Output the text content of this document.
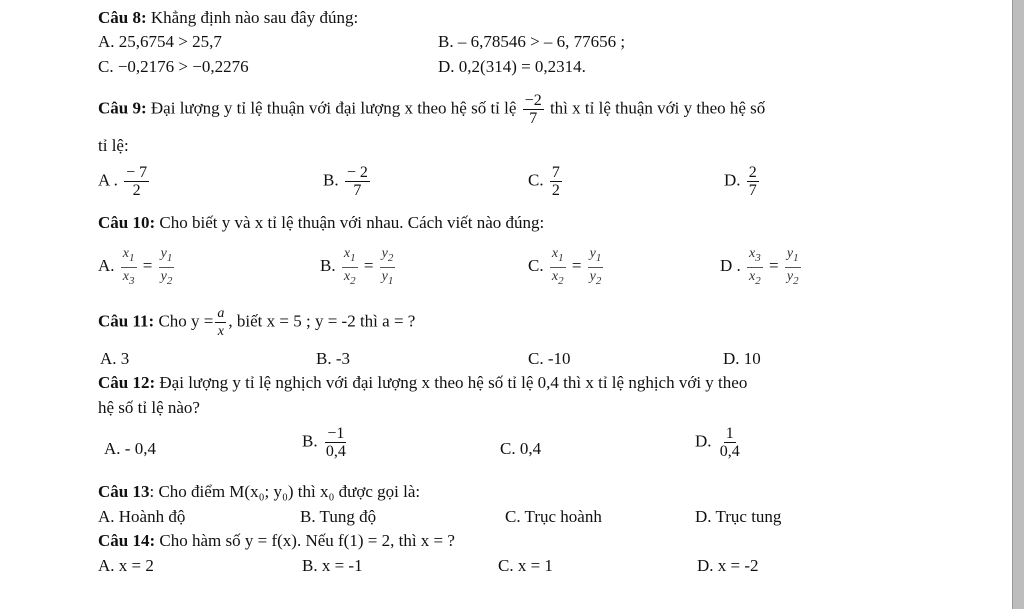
Câu 8: Khẳng định nào sau đây đúng:
A. 25,6754 > 25,7	B. – 6,78546 > – 6, 77656 ;
C. −0,2176 > −0,2276	D. 0,2(314) = 0,2314.
Câu 9: Đại lượng y tỉ lệ thuận với đại lượng x theo hệ số tỉ lệ $\frac{-2}{7}$ thì x tỉ lệ thuận với y theo hệ số
tỉ lệ:
A . $\frac{- 7}{2}$	B. $\frac{- 2}{7}$	C. $\frac{7}{2}$	D. $\frac{2}{7}$
Câu 10: Cho biết y và x tỉ lệ thuận với nhau. Cách viết nào đúng:
A. $\frac{x_1}{x_3} = \frac{y_1}{y_2}$	B. $\frac{x_1}{x_2} = \frac{y_2}{y_1}$	C. $\frac{x_1}{x_2} = \frac{y_1}{y_2}$	D . $\frac{x_3}{x_2} = \frac{y_1}{y_2}$
Câu 11: Cho $y = \frac{a}{x}$ , biết x = 5 ; y = -2 thì a = ?
A. 3	B. -3	C. -10	D. 10
Câu 12: Đại lượng y tỉ lệ nghịch với đại lượng x theo hệ số tỉ lệ 0,4 thì x tỉ lệ nghịch với y theo
hệ số tỉ lệ nào?
A. - 0,4	B. $\frac{-1}{0,4}$	C. 0,4	D. $\frac{1}{0,4}$
Câu 13: Cho điểm M(x₀; y₀) thì x₀ được gọi là:
A. Hoành độ	B. Tung độ	C. Trục hoành	D. Trục tung
Câu 14: Cho hàm số y = f(x). Nếu f(1) = 2, thì x = ?
A. x = 2	B. x = -1	C. x = 1	D. x = -2
